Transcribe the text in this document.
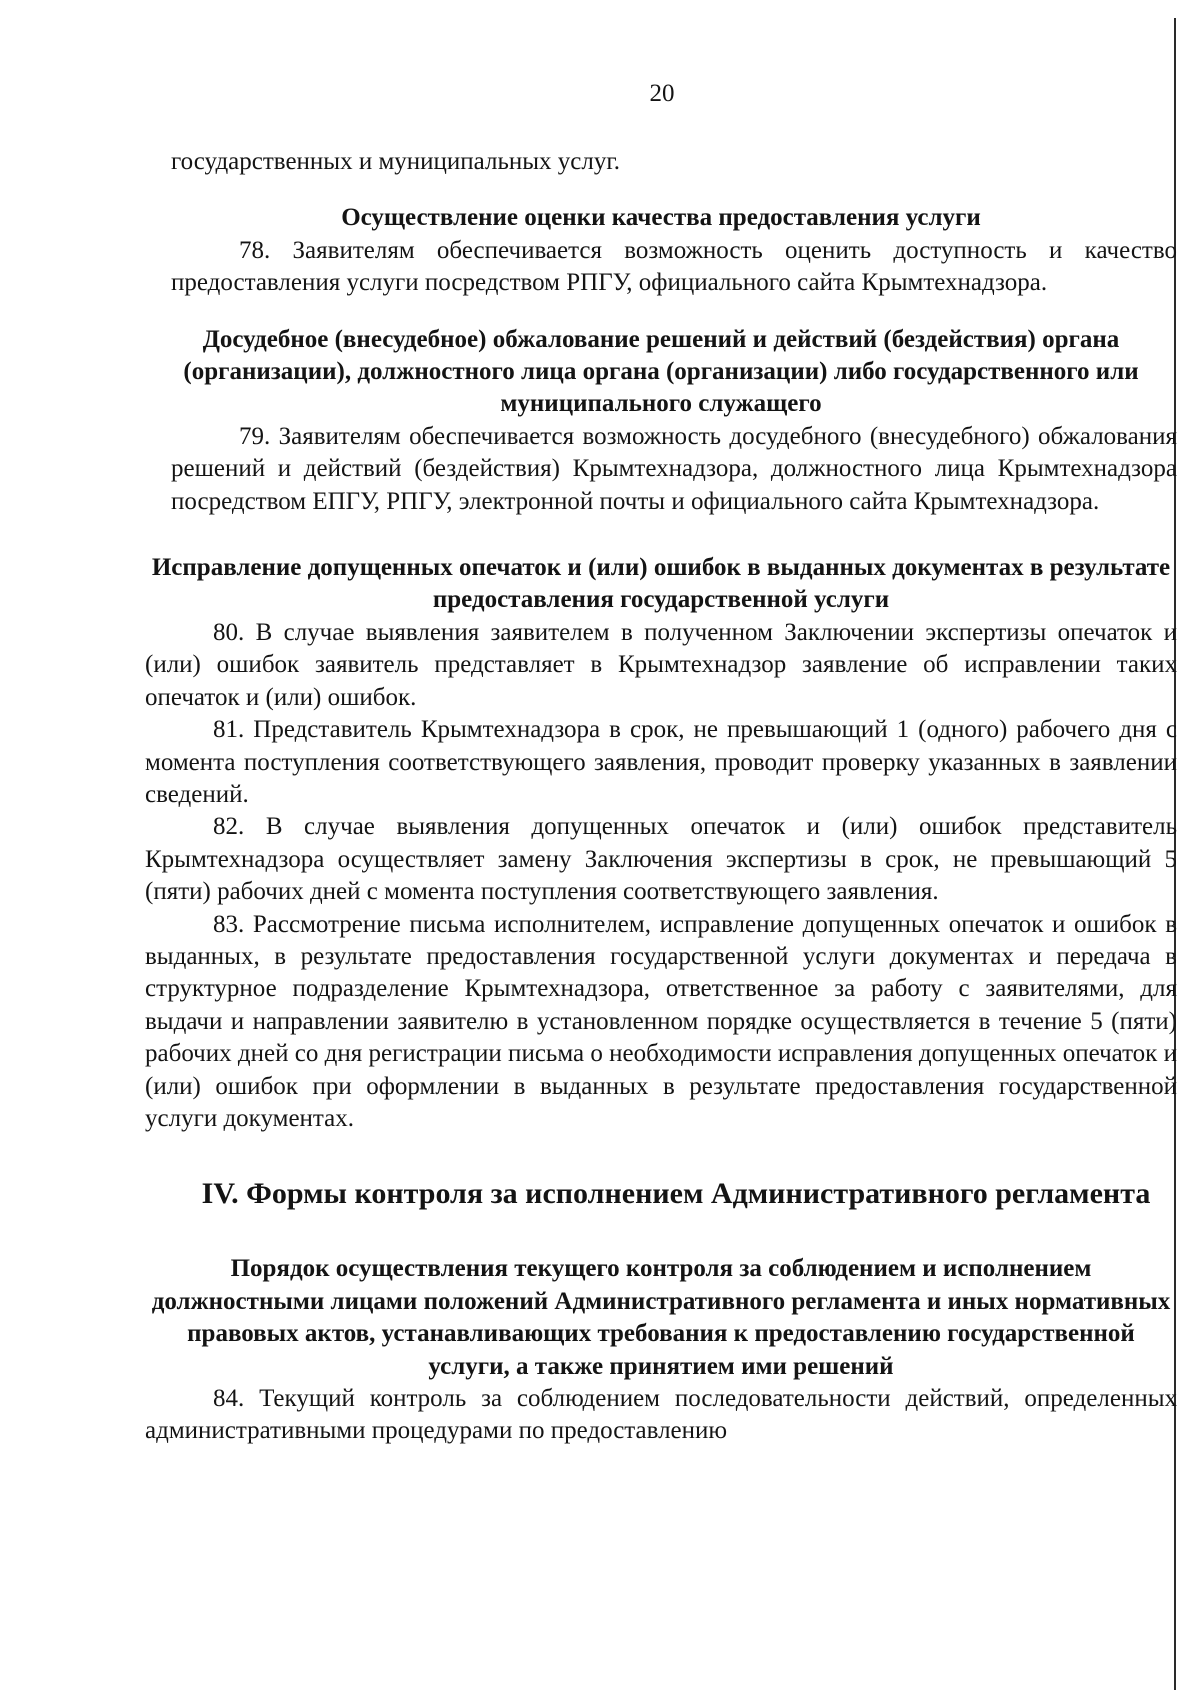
20

государственных и муниципальных услуг.

Осуществление оценки качества предоставления услуги

78. Заявителям обеспечивается возможность оценить доступность и качество предоставления услуги посредством РПГУ, официального сайта Крымтехнадзора.

Досудебное (внесудебное) обжалование решений и действий (бездействия) органа (организации), должностного лица органа (организации) либо государственного или муниципального служащего

79. Заявителям обеспечивается возможность досудебного (внесудебного) обжалования решений и действий (бездействия) Крымтехнадзора, должностного лица Крымтехнадзора посредством ЕПГУ, РПГУ, электронной почты и официального сайта Крымтехнадзора.

Исправление допущенных опечаток и (или) ошибок в выданных документах в результате предоставления государственной услуги

80. В случае выявления заявителем в полученном Заключении экспертизы опечаток и (или) ошибок заявитель представляет в Крымтехнадзор заявление об исправлении таких опечаток и (или) ошибок.

81. Представитель Крымтехнадзора в срок, не превышающий 1 (одного) рабочего дня с момента поступления соответствующего заявления, проводит проверку указанных в заявлении сведений.

82. В случае выявления допущенных опечаток и (или) ошибок представитель Крымтехнадзора осуществляет замену Заключения экспертизы в срок, не превышающий 5 (пяти) рабочих дней с момента поступления соответствующего заявления.

83. Рассмотрение письма исполнителем, исправление допущенных опечаток и ошибок в выданных, в результате предоставления государственной услуги документах и передача в структурное подразделение Крымтехнадзора, ответственное за работу с заявителями, для выдачи и направлении заявителю в установленном порядке осуществляется в течение 5 (пяти) рабочих дней со дня регистрации письма о необходимости исправления допущенных опечаток и (или) ошибок при оформлении в выданных в результате предоставления государственной услуги документах.

IV. Формы контроля за исполнением Административного регламента

Порядок осуществления текущего контроля за соблюдением и исполнением должностными лицами положений Административного регламента и иных нормативных правовых актов, устанавливающих требования к предоставлению государственной услуги, а также принятием ими решений

84. Текущий контроль за соблюдением последовательности действий, определенных административными процедурами по предоставлению
